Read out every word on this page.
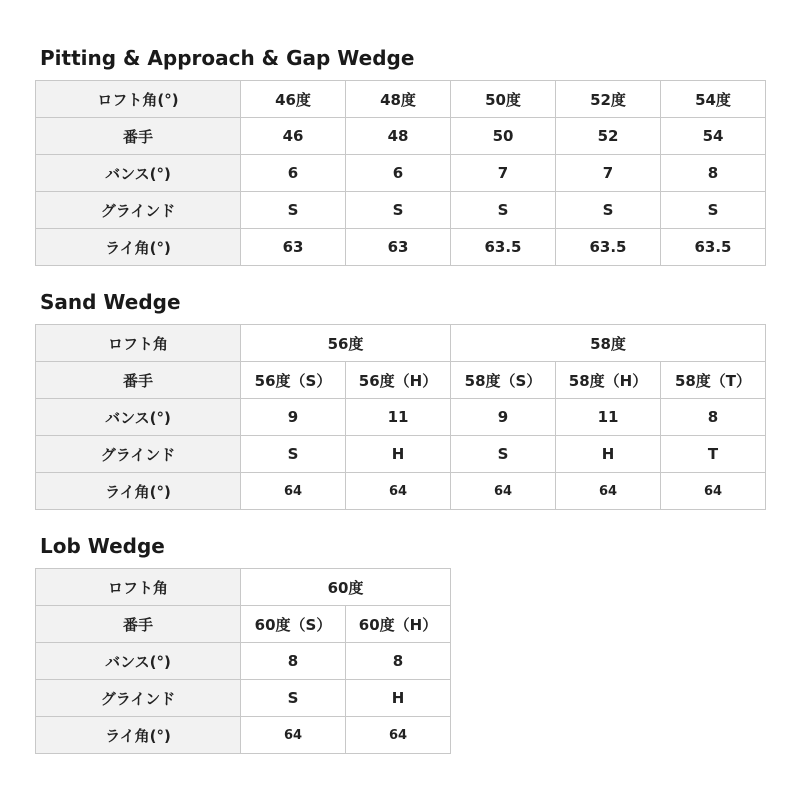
Pitting & Approach & Gap Wedge
ロフト角(°)	46度	48度	50度	52度	54度
番手	46	48	50	52	54
バンス(°)	6	6	7	7	8
グラインド	S	S	S	S	S
ライ角(°)	63	63	63.5	63.5	63.5
Sand Wedge
ロフト角	56度		58度		
番手	56度（S）	56度（H）	58度（S）	58度（H）	58度（T）
バンス(°)	9	11	9	11	8
グラインド	S	H	S	H	T
ライ角(°)	64	64	64	64	64
Lob Wedge
ロフト角	60度	
番手	60度（S）	60度（H）
バンス(°)	8	8
グラインド	S	H
ライ角(°)	64	64
